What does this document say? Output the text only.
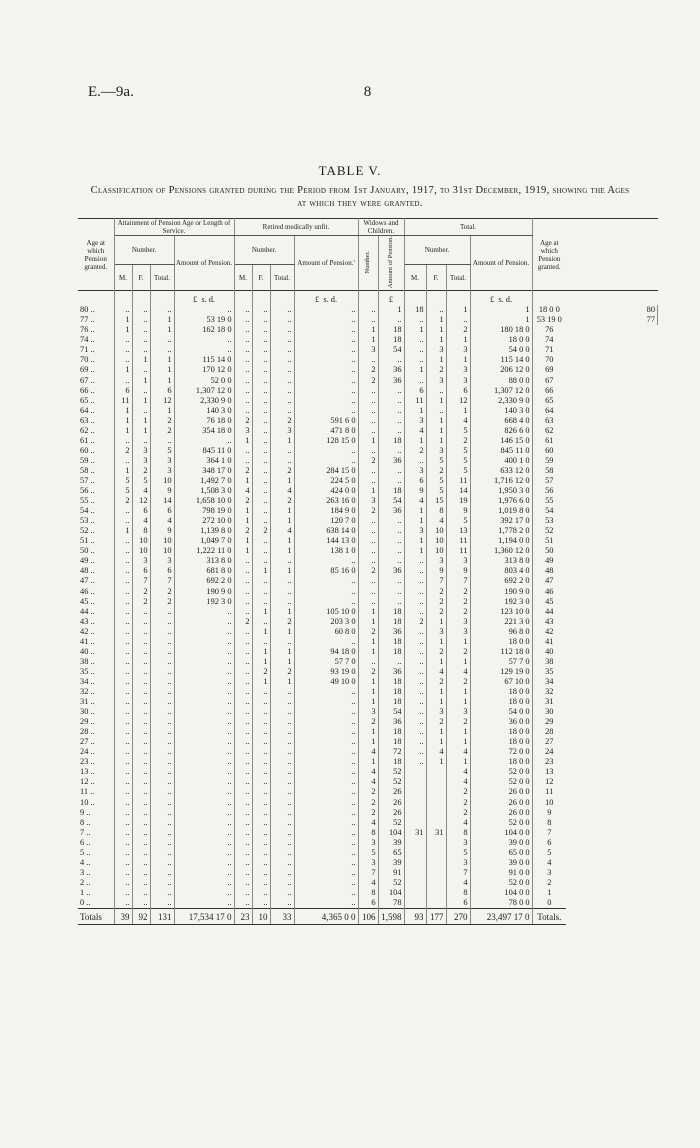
E.—9a.	8
TABLE V.
Classification of Pensions granted during the Period from 1st January, 1917, to 31st December, 1919, showing the Ages at which they were granted.
Age at which Pension granted.	Attainment of Pension Age or Length of Service.				Retired medically unfit.				Widows and Children.		Total.				Age at which Pension granted.	
	Number.			Amount of Pension.	Number.			Amount of Pension.'	Number.	Amount of Pension.	Number.			Amount of Pension.		
	M.	F.	Total.		M.	F.	Total.				M.	F.	Total.			
				£ s. d.				£ s. d.		£				£ s. d.		
80 ..	..	..	..	..	..	..	..	..	..	1	18	..	1	1	18 0 0	80
77 ..	1	..	1	53 19 0	..	..	..	..	..	..	..	1	..	1	53 19 0	77
76 ..	1	..	1	162 18 0	..	..	..	..	1	18	1	1	2	180 18 0	76	
74 ..	..	..	..	..	..	..	..	..	1	18	..	1	1	18 0 0	74	
71 ..	..	..	..	..	..	..	..	..	3	54	..	3	3	54 0 0	71	
70 ..	..	1	1	115 14 0	..	..	..	..	..	..	..	1	1	115 14 0	70	
69 ..	1	..	1	170 12 0	..	..	..	..	2	36	1	2	3	206 12 0	69	
67 ..	..	1	1	52 0 0	..	..	..	..	2	36	..	3	3	88 0 0	67	
66 ..	6	..	6	1,307 12 0	..	..	..	..	..	..	6	..	6	1,307 12 0	66	
65 ..	11	1	12	2,330 9 0	..	..	..	..	..	..	11	1	12	2,330 9 0	65	
64 ..	1	..	1	140 3 0	..	..	..	..	..	..	1	..	1	140 3 0	64	
63 ..	1	1	2	76 18 0	2	..	2	591 6 0	..	..	3	1	4	668 4 0	63	
62 ..	1	1	2	354 18 0	3	..	3	471 8 0	..	..	4	1	5	826 6 0	62	
61 ..	..	..	..	..	1	..	1	128 15 0	1	18	1	1	2	146 15 0	61	
60 ..	2	3	5	845 11 0	..	..	..	..	..	..	2	3	5	845 11 0	60	
59 ..	..	3	3	364 1 0	..	..	..	..	2	36	..	5	5	400 1 0	59	
58 ..	1	2	3	348 17 0	2	..	2	284 15 0	..	..	3	2	5	633 12 0	58	
57 ..	5	5	10	1,492 7 0	1	..	1	224 5 0	..	..	6	5	11	1,716 12 0	57	
56 ..	5	4	9	1,508 3 0	4	..	4	424 0 0	1	18	9	5	14	1,950 3 0	56	
55 ..	2	12	14	1,658 10 0	2	..	2	263 16 0	3	54	4	15	19	1,976 6 0	55	
54 ..	..	6	6	798 19 0	1	..	1	184 9 0	2	36	1	8	9	1,019 8 0	54	
53 ..	..	4	4	272 10 0	1	..	1	120 7 0	..	..	1	4	5	392 17 0	53	
52 ..	1	8	9	1,139 8 0	2	2	4	638 14 0	..	..	3	10	13	1,778 2 0	52	
51 ..	..	10	10	1,049 7 0	1	..	1	144 13 0	..	..	1	10	11	1,194 0 0	51	
50 ..	..	10	10	1,222 11 0	1	..	1	138 1 0	..	..	1	10	11	1,360 12 0	50	
49 ..	..	3	3	313 8 0	..	..	..	..	..	..	..	3	3	313 8 0	49	
48 ..	..	6	6	681 8 0	..	1	1	85 16 0	2	36	..	9	9	803 4 0	48	
47 ..	..	7	7	692 2 0	..	..	..	..	..	..	..	7	7	692 2 0	47	
46 ..	..	2	2	190 9 0	..	..	..	..	..	..	..	2	2	190 9 0	46	
45 ..	..	2	2	192 3 0	..	..	..	..	..	..	..	2	2	192 3 0	45	
44 ..	..	..	..	..	..	1	1	105 10 0	1	18	..	2	2	123 10 0	44	
43 ..	..	..	..	..	2	..	2	203 3 0	1	18	2	1	3	221 3 0	43	
42 ..	..	..	..	..	..	1	1	60 8 0	2	36	..	3	3	96 8 0	42	
41 ..	..	..	..	..	..	..	..	..	1	18	..	1	1	18 0 0	41	
40 ..	..	..	..	..	..	1	1	94 18 0	1	18	..	2	2	112 18 0	40	
38 ..	..	..	..	..	..	1	1	57 7 0	..	..	..	1	1	57 7 0	38	
35 ..	..	..	..	..	..	2	2	93 19 0	2	36	..	4	4	129 19 0	35	
34 ..	..	..	..	..	..	1	1	49 10 0	1	18	..	2	2	67 10 0	34	
32 ..	..	..	..	..	..	..	..	..	1	18	..	1	1	18 0 0	32	
31 ..	..	..	..	..	..	..	..	..	1	18	..	1	1	18 0 0	31	
30 ..	..	..	..	..	..	..	..	..	3	54	..	3	3	54 0 0	30	
29 ..	..	..	..	..	..	..	..	..	2	36	..	2	2	36 0 0	29	
28 ..	..	..	..	..	..	..	..	..	1	18	..	1	1	18 0 0	28	
27 ..	..	..	..	..	..	..	..	..	1	18	..	1	1	18 0 0	27	
24 ..	..	..	..	..	..	..	..	..	4	72	..	4	4	72 0 0	24	
23 ..	..	..	..	..	..	..	..	..	1	18	..	1	1	18 0 0	23	
13 ..	..	..	..	..	..	..	..	..	4	52			4	52 0 0	13	
12 ..	..	..	..	..	..	..	..	..	4	52			4	52 0 0	12	
11 ..	..	..	..	..	..	..	..	..	2	26			2	26 0 0	11	
10 ..	..	..	..	..	..	..	..	..	2	26			2	26 0 0	10	
9 ..	..	..	..	..	..	..	..	..	2	26			2	26 0 0	9	
8 ..	..	..	..	..	..	..	..	..	4	52			4	52 0 0	8	
7 ..	..	..	..	..	..	..	..	..	8	104	31	31	8	104 0 0	7	
6 ..	..	..	..	..	..	..	..	..	3	39			3	39 0 0	6	
5 ..	..	..	..	..	..	..	..	..	5	65			5	65 0 0	5	
4 ..	..	..	..	..	..	..	..	..	3	39			3	39 0 0	4	
3 ..	..	..	..	..	..	..	..	..	7	91			7	91 0 0	3	
2 ..	..	..	..	..	..	..	..	..	4	52			4	52 0 0	2	
1 ..	..	..	..	..	..	..	..	..	8	104			8	104 0 0	1	
0 ..	..	..	..	..	..	..	..	..	6	78			6	78 0 0	0	
Totals	39	92	131	17,534 17 0	23	10	33	4,365 0 0	106	1,598	93	177	270	23,497 17 0	Totals.	
